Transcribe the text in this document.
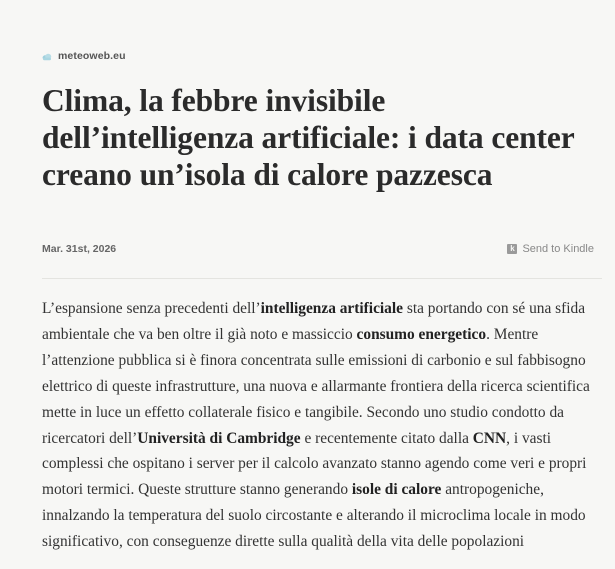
meteoweb.eu
Clima, la febbre invisibile dell’intelligenza artificiale: i data center creano un’isola di calore pazzesca
Mar. 31st, 2026	k Send to Kindle

L’espansione senza precedenti dell’intelligenza artificiale sta portando con sé una sfida ambientale che va ben oltre il già noto e massiccio consumo energetico. Mentre l’attenzione pubblica si è finora concentrata sulle emissioni di carbonio e sul fabbisogno elettrico di queste infrastrutture, una nuova e allarmante frontiera della ricerca scientifica mette in luce un effetto collaterale fisico e tangibile. Secondo uno studio condotto da ricercatori dell’Università di Cambridge e recentemente citato dalla CNN, i vasti complessi che ospitano i server per il calcolo avanzato stanno agendo come veri e propri motori termici. Queste strutture stanno generando isole di calore antropogeniche, innalzando la temperatura del suolo circostante e alterando il microclima locale in modo significativo, con conseguenze dirette sulla qualità della vita delle popolazioni
